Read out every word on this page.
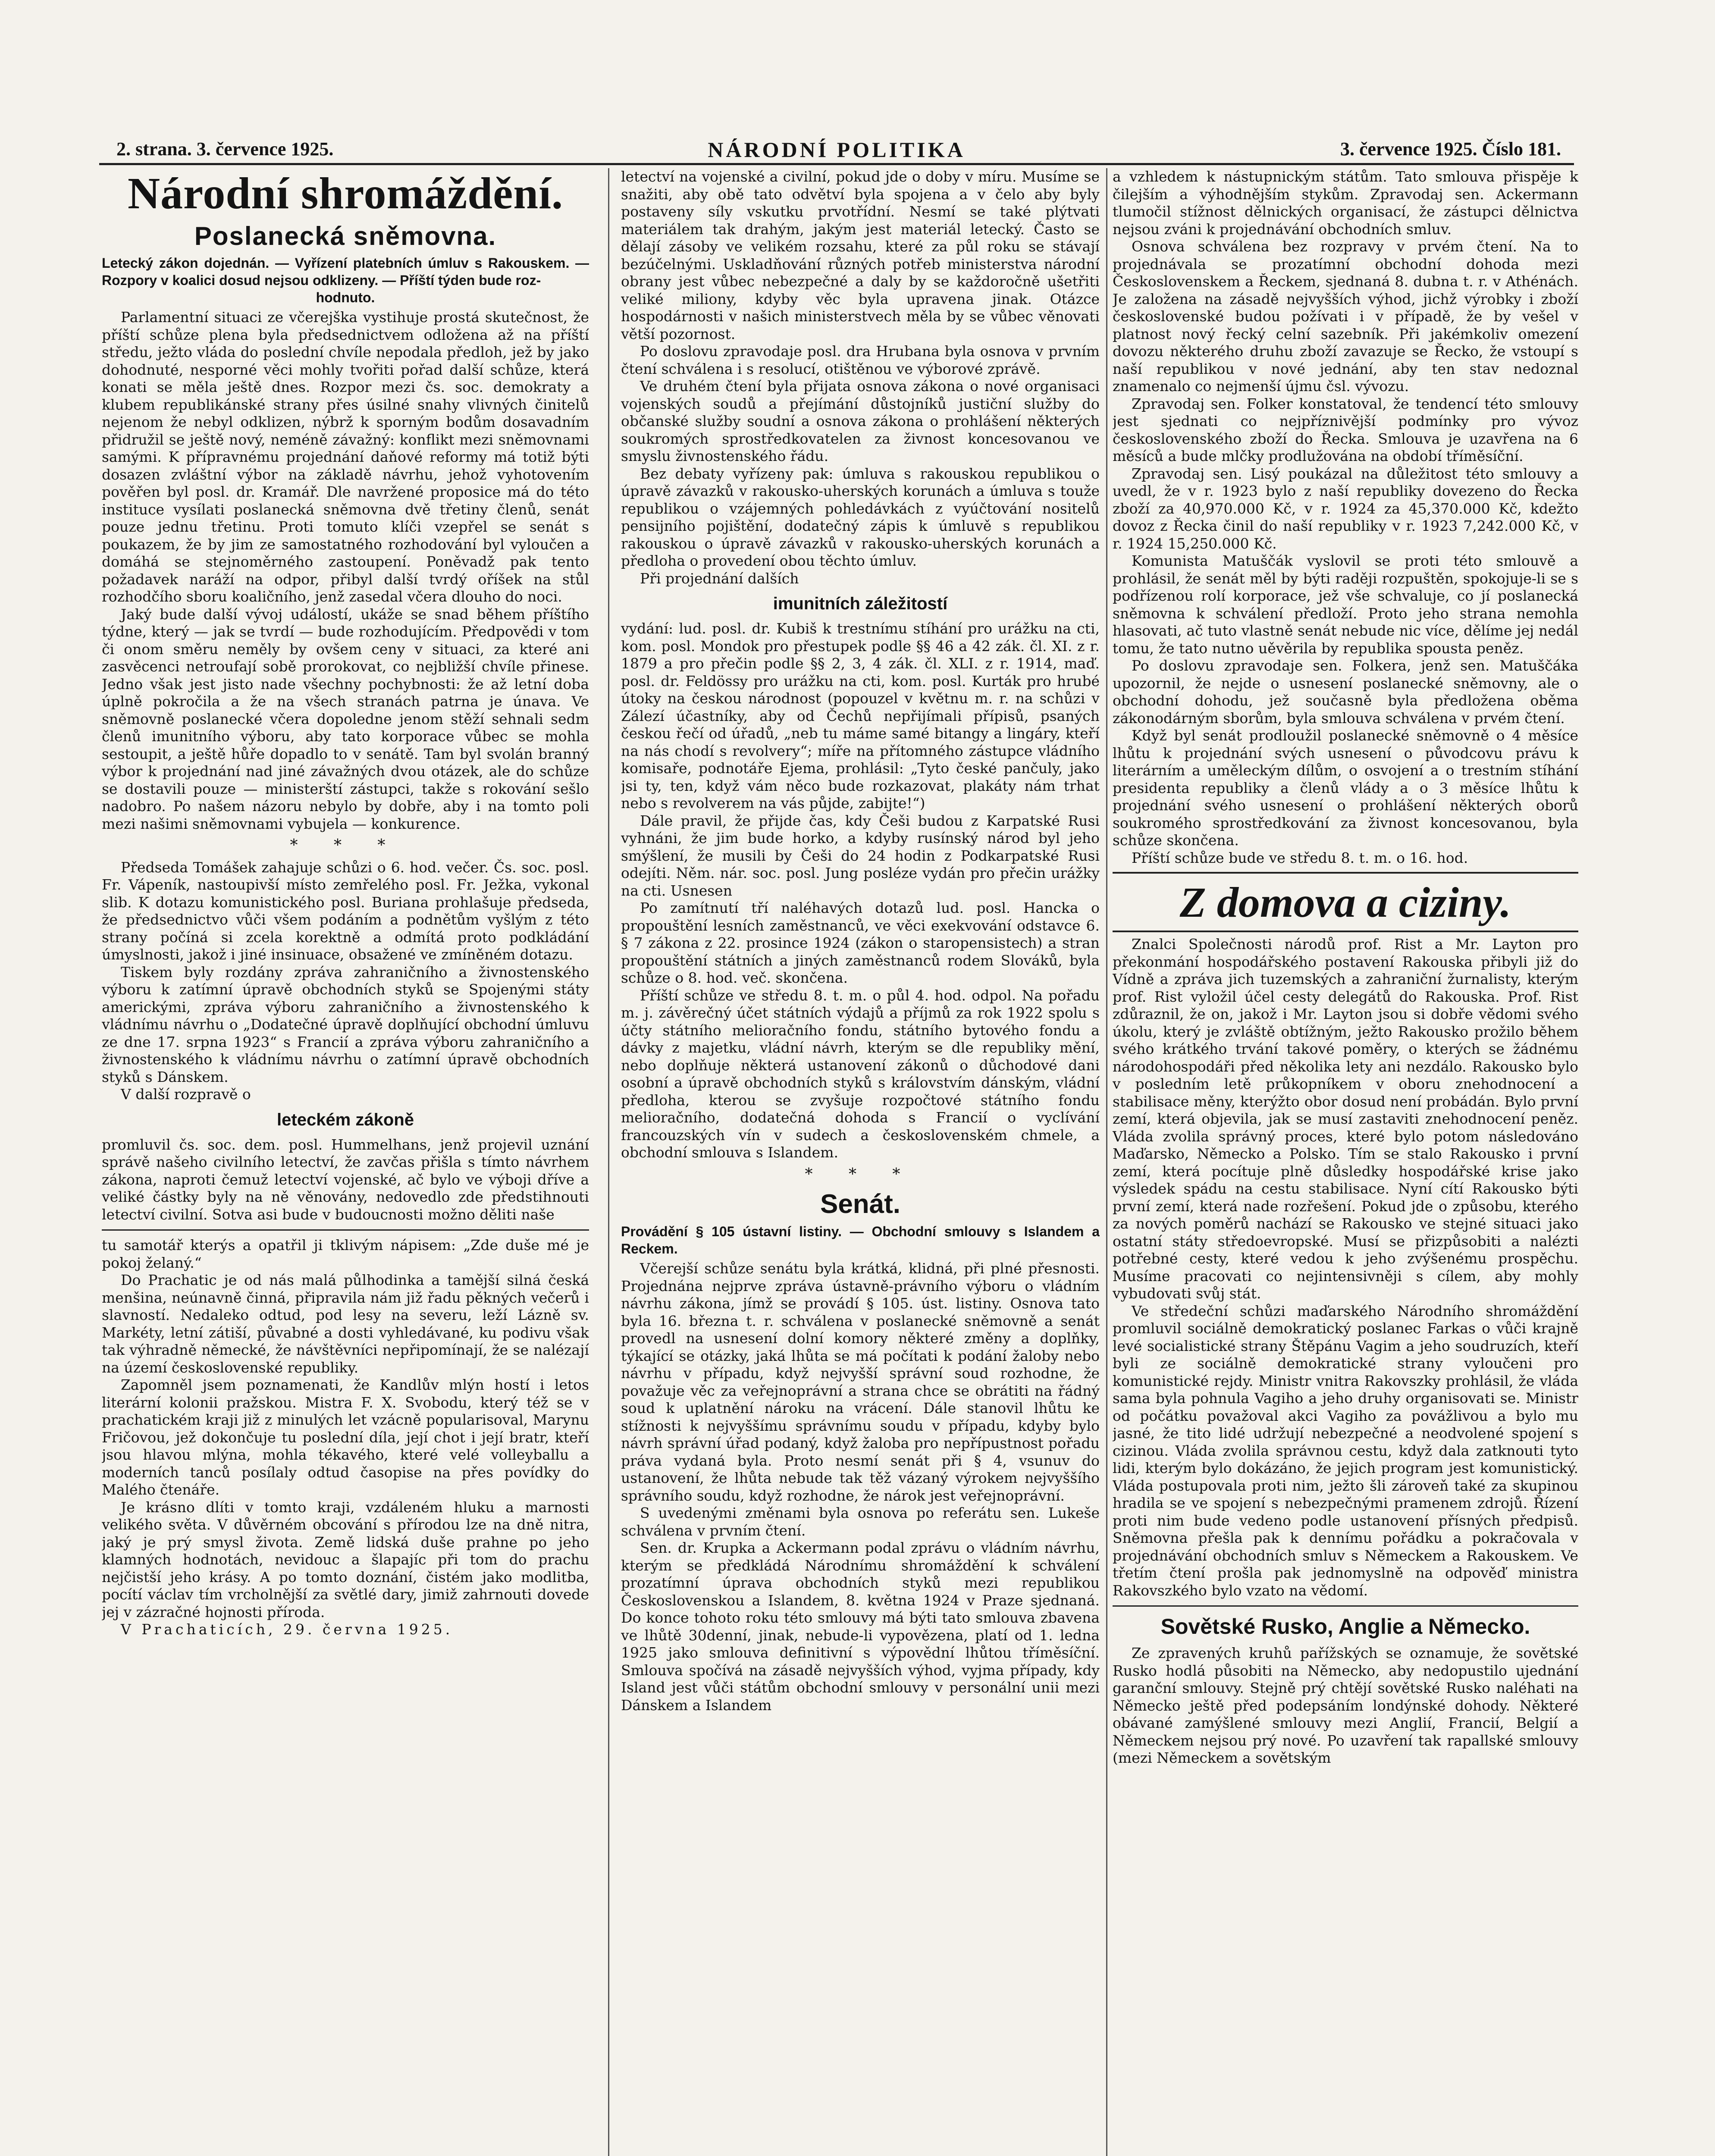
2. strana. 3. července 1925.	NÁRODNÍ POLITIKA	3. července 1925. Číslo 181.
Národní shromáždění.
Poslanecká sněmovna.
Letecký zákon dojednán. — Vyřízení platebních úmluv s Rakouskem. — Rozpory v koalici dosud nejsou odklizeny. — Příští týden bude roz-
hodnuto.

Parlamentní situaci ze včerejška vystihuje prostá skutečnost, že příští schůze plena byla předsednictvem odložena až na příští středu, ježto vláda do poslední chvíle nepodala předloh, jež by jako dohodnuté, nesporné věci mohly tvořiti pořad další schůze, která konati se měla ještě dnes. Rozpor mezi čs. soc. demokraty a klubem republikánské strany přes úsilné snahy vlivných činitelů nejenom že nebyl odklizen, nýbrž k sporným bodům dosavadním přidružil se ještě nový, neméně závažný: konflikt mezi sněmovnami samými. K přípravnému projednání daňové reformy má totiž býti dosazen zvláštní výbor na základě návrhu, jehož vyhotovením pověřen byl posl. dr. Kramář. Dle navržené proposice má do této instituce vysílati poslanecká sněmovna dvě třetiny členů, senát pouze jednu třetinu. Proti tomuto klíči vzepřel se senát s poukazem, že by jim ze samostatného rozhodování byl vyloučen a domáhá se stejnoměrného zastoupení. Poněvadž pak tento požadavek naráží na odpor, přibyl další tvrdý oříšek na stůl rozhodčího sboru koaličního, jenž zasedal včera dlouho do noci.

Jaký bude další vývoj událostí, ukáže se snad během příštího týdne, který — jak se tvrdí — bude rozhodujícím. Předpovědi v tom či onom směru neměly by ovšem ceny v situaci, za které ani zasvěcenci netroufají sobě prorokovat, co nejbližší chvíle přinese. Jedno však jest jisto nade všechny pochybnosti: že až letní doba úplně pokročila a že na všech stranách patrna je únava. Ve sněmovně poslanecké včera dopoledne jenom stěží sehnali sedm členů imunitního výboru, aby tato korporace vůbec se mohla sestoupit, a ještě hůře dopadlo to v senátě. Tam byl svolán branný výbor k projednání nad jiné závažných dvou otázek, ale do schůze se dostavili pouze — ministerští zástupci, takže s rokování sešlo nadobro. Po našem názoru nebylo by dobře, aby i na tomto poli mezi našimi sněmovnami vybujela — konkurence.

* * *

Předseda Tomášek zahajuje schůzi o 6. hod. večer. Čs. soc. posl. Fr. Vápeník, nastoupivší místo zemřelého posl. Fr. Ježka, vykonal slib. K dotazu komunistického posl. Buriana prohlašuje předseda, že předsednictvo vůči všem podáním a podnětům vyšlým z této strany počíná si zcela korektně a odmítá proto podkládání úmyslnosti, jakož i jiné insinuace, obsažené ve zmíněném dotazu.

Tiskem byly rozdány zpráva zahraničního a živnostenského výboru k zatímní úpravě obchodních styků se Spojenými státy americkými, zpráva výboru zahraničního a živnostenského k vládnímu návrhu o „Dodatečné úpravě doplňující obchodní úmluvu ze dne 17. srpna 1923“ s Francií a zpráva výboru zahraničního a živnostenského k vládnímu návrhu o zatímní úpravě obchodních styků s Dánskem.

V další rozpravě o

leteckém zákoně

promluvil čs. soc. dem. posl. Hummelhans, jenž projevil uznání správě našeho civilního letectví, že zavčas přišla s tímto návrhem zákona, naproti čemuž letectví vojenské, ač bylo ve výboji dříve a veliké částky byly na ně věnovány, nedovedlo zde předstihnouti letectví civilní. Sotva asi bude v budoucnosti možno děliti naše

tu samotář kterýs a opatřil ji tklivým nápisem: „Zde duše mé je pokoj želaný.“

Do Prachatic je od nás malá půlhodinka a tamější silná česká menšina, neúnavně činná, připravila nám již řadu pěkných večerů i slavností. Nedaleko odtud, pod lesy na severu, leží Lázně sv. Markéty, letní zátiší, půvabné a dosti vyhledávané, ku podivu však tak výhradně německé, že návštěvníci nepřipomínají, že se nalézají na území československé republiky.

Zapomněl jsem poznamenati, že Kandlův mlýn hostí i letos literární kolonii pražskou. Mistra F. X. Svobodu, který též se v prachatickém kraji již z minulých let vzácně popularisoval, Marynu Fričovou, jež dokončuje tu poslední díla, její chot i její bratr, kteří jsou hlavou mlýna, mohla tékavého, které velé volleyballu a moderních tanců posílaly odtud časopise na přes povídky do Malého čtenáře.

Je krásno dlíti v tomto kraji, vzdáleném hluku a marnosti velikého světa. V důvěrném obcování s přírodou lze na dně nitra, jaký je prý smysl života. Země lidská duše prahne po jeho klamných hodnotách, nevidouc a šlapajíc při tom do prachu nejčistší jeho krásy. A po tomto doznání, čistém jako modlitba, pocítí václav tím vrcholnější za světlé dary, jimiž zahrnouti dovede jej v zázračné hojnosti příroda.

V Prachaticích, 29. června 1925.

letectví na vojenské a civilní, pokud jde o doby v míru. Musíme se snažiti, aby obě tato odvětví byla spojena a v čelo aby byly postaveny síly vskutku prvotřídní. Nesmí se také plýtvati materiálem tak drahým, jakým jest materiál letecký. Často se dělají zásoby ve velikém rozsahu, které za půl roku se stávají bezúčelnými. Uskladňování různých potřeb ministerstva národní obrany jest vůbec nebezpečné a daly by se každoročně ušetřiti veliké miliony, kdyby věc byla upravena jinak. Otázce hospodárnosti v našich ministerstvech měla by se vůbec věnovati větší pozornost.

Po doslovu zpravodaje posl. dra Hrubana byla osnova v prvním čtení schválena i s resolucí, otištěnou ve výborové zprávě.

Ve druhém čtení byla přijata osnova zákona o nové organisaci vojenských soudů a přejímání důstojníků justiční služby do občanské služby soudní a osnova zákona o prohlášení některých soukromých sprostředkovatelen za živnost koncesovanou ve smyslu živnostenského řádu.

Bez debaty vyřízeny pak: úmluva s rakouskou republikou o úpravě závazků v rakousko-uherských korunách a úmluva s touže republikou o vzájemných pohledávkách z vyúčtování nositelů pensijního pojištění, dodatečný zápis k úmluvě s republikou rakouskou o úpravě závazků v rakousko-uherských korunách a předloha o provedení obou těchto úmluv.

Při projednání dalších

imunitních záležitostí

vydání: lud. posl. dr. Kubiš k trestnímu stíhání pro urážku na cti, kom. posl. Mondok pro přestupek podle §§ 46 a 42 zák. čl. XI. z r. 1879 a pro přečin podle §§ 2, 3, 4 zák. čl. XLI. z r. 1914, maď. posl. dr. Feldössy pro urážku na cti, kom. posl. Kurták pro hrubé útoky na českou národnost (popouzel v květnu m. r. na schůzi v Zálezí účastníky, aby od Čechů nepřijímali přípisů, psaných českou řečí od úřadů, „neb tu máme samé bitangy a lingáry, kteří na nás chodí s revolvery“; míře na přítomného zástupce vládního komisaře, podnotáře Ejema, prohlásil: „Tyto české pančuly, jako jsi ty, ten, když vám něco bude rozkazovat, plakáty nám trhat nebo s revolverem na vás půjde, zabijte!“)

Dále pravil, že přijde čas, kdy Češi budou z Karpatské Rusi vyhnáni, že jim bude horko, a kdyby rusínský národ byl jeho smýšlení, že musili by Češi do 24 hodin z Podkarpatské Rusi odejíti. Něm. nár. soc. posl. Jung posléze vydán pro přečin urážky na cti. Usnesen

Po zamítnutí tří naléhavých dotazů lud. posl. Hancka o propouštění lesních zaměstnanců, ve věci exekvování odstavce 6. § 7 zákona z 22. prosince 1924 (zákon o staropensistech) a stran propouštění státních a jiných zaměstnanců rodem Slováků, byla schůze o 8. hod. več. skončena.

Příští schůze ve středu 8. t. m. o půl 4. hod. odpol. Na pořadu m. j. závěrečný účet státních výdajů a příjmů za rok 1922 spolu s účty státního melioračního fondu, státního bytového fondu a dávky z majetku, vládní návrh, kterým se dle republiky mění, nebo doplňuje některá ustanovení zákonů o důchodové dani osobní a úpravě obchodních styků s královstvím dánským, vládní předloha, kterou se zvyšuje rozpočtové státního fondu melioračního, dodatečná dohoda s Francií o vyclívání francouzských vín v sudech a československém chmele, a obchodní smlouva s Islandem.

* * *
Senát.
Provádění § 105 ústavní listiny. — Obchodní smlouvy s Islandem a Reckem.

Včerejší schůze senátu byla krátká, klidná, při plné přesnosti. Projednána nejprve zpráva ústavně-právního výboru o vládním návrhu zákona, jímž se provádí § 105. úst. listiny. Osnova tato byla 16. března t. r. schválena v poslanecké sněmovně a senát provedl na usnesení dolní komory některé změny a doplňky, týkající se otázky, jaká lhůta se má počítati k podání žaloby nebo návrhu v případu, když nejvyšší správní soud rozhodne, že považuje věc za veřejnoprávní a strana chce se obrátiti na řádný soud k uplatnění nároku na vrácení. Dále stanovil lhůtu ke stížnosti k nejvyššímu správnímu soudu v případu, kdyby bylo návrh správní úřad podaný, když žaloba pro nepřípustnost pořadu práva vydaná byla. Proto nesmí senát při § 4, vsunuv do ustanovení, že lhůta nebude tak těž vázaný výrokem nejvyššího správního soudu, když rozhodne, že nárok jest veřejnoprávní.

S uvedenými změnami byla osnova po referátu sen. Lukeše schválena v prvním čtení.

Sen. dr. Krupka a Ackermann podal zprávu o vládním návrhu, kterým se předkládá Národnímu shromáždění k schválení prozatímní úprava obchodních styků mezi republikou Československou a Islandem, 8. května 1924 v Praze sjednaná. Do konce tohoto roku této smlouvy má býti tato smlouva zbavena ve lhůtě 30denní, jinak, nebude-li vypovězena, platí od 1. ledna 1925 jako smlouva definitivní s výpovědní lhůtou tříměsíční. Smlouva spočívá na zásadě nejvyšších výhod, vyjma případy, kdy Island jest vůči státům obchodní smlouvy v personální unii mezi Dánskem a Islandem

a vzhledem k nástupnickým státům. Tato smlouva přispěje k čilejším a výhodnějším stykům. Zpravodaj sen. Ackermann tlumočil stížnost dělnických organisací, že zástupci dělnictva nejsou zváni k projednávání obchodních smluv.

Osnova schválena bez rozpravy v prvém čtení. Na to projednávala se prozatímní obchodní dohoda mezi Československem a Řeckem, sjednaná 8. dubna t. r. v Athénách. Je založena na zásadě nejvyšších výhod, jichž výrobky i zboží československé budou požívati i v případě, že by vešel v platnost nový řecký celní sazebník. Při jakémkoliv omezení dovozu některého druhu zboží zavazuje se Řecko, že vstoupí s naší republikou v nové jednání, aby ten stav nedoznal znamenalo co nejmenší újmu čsl. vývozu.

Zpravodaj sen. Folker konstatoval, že tendencí této smlouvy jest sjednati co nejpříznivější podmínky pro vývoz československého zboží do Řecka. Smlouva je uzavřena na 6 měsíců a bude mlčky prodlužována na období tříměsíční.

Zpravodaj sen. Lisý poukázal na důležitost této smlouvy a uvedl, že v r. 1923 bylo z naší republiky dovezeno do Řecka zboží za 40,970.000 Kč, v r. 1924 za 45,370.000 Kč, kdežto dovoz z Řecka činil do naší republiky v r. 1923 7,242.000 Kč, v r. 1924 15,250.000 Kč.

Komunista Matuščák vyslovil se proti této smlouvě a prohlásil, že senát měl by býti raději rozpuštěn, spokojuje-li se s podřízenou rolí korporace, jež vše schvaluje, co jí poslanecká sněmovna k schválení předloží. Proto jeho strana nemohla hlasovati, ač tuto vlastně senát nebude nic více, dělíme jej nedál tomu, že tato nutno uěvěrila by republika spousta peněz.

Po doslovu zpravodaje sen. Folkera, jenž sen. Matuščáka upozornil, že nejde o usnesení poslanecké sněmovny, ale o obchodní dohodu, jež současně byla předložena oběma zákonodárným sborům, byla smlouva schválena v prvém čtení.

Když byl senát prodloužil poslanecké sněmovně o 4 měsíce lhůtu k projednání svých usnesení o původcovu právu k literárním a uměleckým dílům, o osvojení a o trestním stíhání presidenta republiky a členů vlády a o 3 měsíce lhůtu k projednání svého usnesení o prohlášení některých oborů soukromého sprostředkování za živnost koncesovanou, byla schůze skončena.

Příští schůze bude ve středu 8. t. m. o 16. hod.

Z domova a ciziny.

Znalci Společnosti národů prof. Rist a Mr. Layton pro překonmání hospodářského postavení Rakouska přibyli již do Vídně a zpráva jich tuzemských a zahraniční žurnalisty, kterým prof. Rist vyložil účel cesty delegátů do Rakouska. Prof. Rist zdůraznil, že on, jakož i Mr. Layton jsou si dobře vědomi svého úkolu, který je zvláště obtížným, ježto Rakousko prožilo během svého krátkého trvání takové poměry, o kterých se žádnému národohospodáři před několika lety ani nezdálo. Rakousko bylo v posledním letě průkopníkem v oboru znehodnocení a stabilisace měny, kterýžto obor dosud není probádán. Bylo první zemí, která objevila, jak se musí zastaviti znehodnocení peněz. Vláda zvolila správný proces, které bylo potom následováno Maďarsko, Německo a Polsko. Tím se stalo Rakousko i první zemí, která pocítuje plně důsledky hospodářské krise jako výsledek spádu na cestu stabilisace. Nyní cítí Rakousko býti první zemí, která nade rozřešení. Pokud jde o způsobu, kterého za nových poměrů nachází se Rakousko ve stejné situaci jako ostatní státy středoevropské. Musí se přizpůsobiti a nalézti potřebné cesty, které vedou k jeho zvýšenému prospěchu. Musíme pracovati co nejintensivněji s cílem, aby mohly vybudovati svůj stát.

Ve středeční schůzi maďarského Národního shromáždění promluvil sociálně demokratický poslanec Farkas o vůči krajně levé socialistické strany Štěpánu Vagim a jeho soudruzích, kteří byli ze sociálně demokratické strany vyloučeni pro komunistické rejdy. Ministr vnitra Rakovszky prohlásil, že vláda sama byla pohnula Vagiho a jeho druhy organisovati se. Ministr od počátku považoval akci Vagiho za povážlivou a bylo mu jasné, že tito lidé udržují nebezpečné a neodvolené spojení s cizinou. Vláda zvolila správnou cestu, když dala zatknouti tyto lidi, kterým bylo dokázáno, že jejich program jest komunistický. Vláda postupovala proti nim, ježto šli zároveň také za skupinou hradila se ve spojení s nebezpečnými pramenem zdrojů. Řízení proti nim bude vedeno podle ustanovení přísných předpisů. Sněmovna přešla pak k dennímu pořádku a pokračovala v projednávání obchodních smluv s Německem a Rakouskem. Ve třetím čtení prošla pak jednomyslně na odpověď ministra Rakovszkého bylo vzato na vědomí.

Sovětské Rusko, Anglie a Německo.

Ze zpravených kruhů pařížských se oznamuje, že sovětské Rusko hodlá působiti na Německo, aby nedopustilo ujednání garanční smlouvy. Stejně prý chtějí sovětské Rusko naléhati na Německo ještě před podepsáním londýnské dohody. Některé obávané zamýšlené smlouvy mezi Anglií, Francií, Belgií a Německem nejsou prý nové. Po uzavření tak rapallské smlouvy (mezi Německem a sovětským
